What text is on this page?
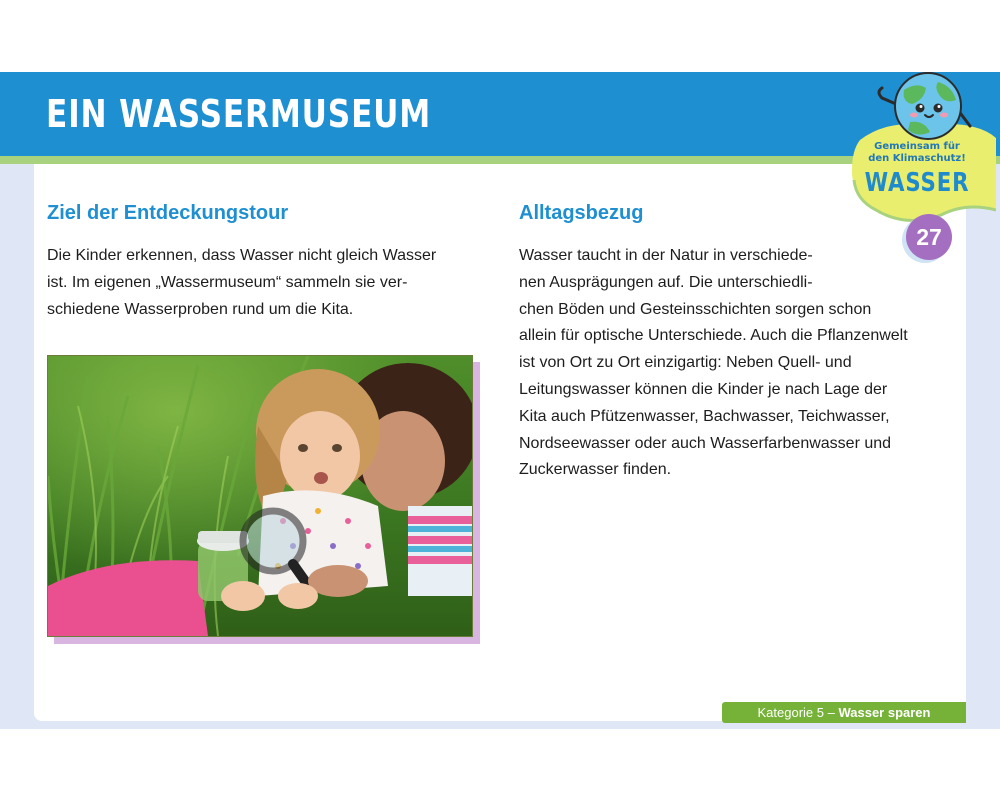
EIN WASSERMUSEUM
Ziel der Entdeckungstour

Die Kinder erkennen, dass Wasser nicht gleich Wasser
ist. Im eigenen „Wassermuseum“ sammeln sie ver-
schiedene Wasserproben rund um die Kita.

Alltagsbezug

Wasser taucht in der Natur in verschiede-
nen Ausprägungen auf. Die unterschiedli-
chen Böden und Gesteinsschichten sorgen schon
allein für optische Unterschiede. Auch die Pflanzenwelt
ist von Ort zu Ort einzigartig: Neben Quell- und
Leitungswasser können die Kinder je nach Lage der
Kita auch Pfützenwasser, Bachwasser, Teichwasser,
Nordseewasser oder auch Wasserfarbenwasser und
Zuckerwasser finden.

Gemeinsam für
den Klimaschutz!

WASSER

27
Kategorie 5 – Wasser sparen
